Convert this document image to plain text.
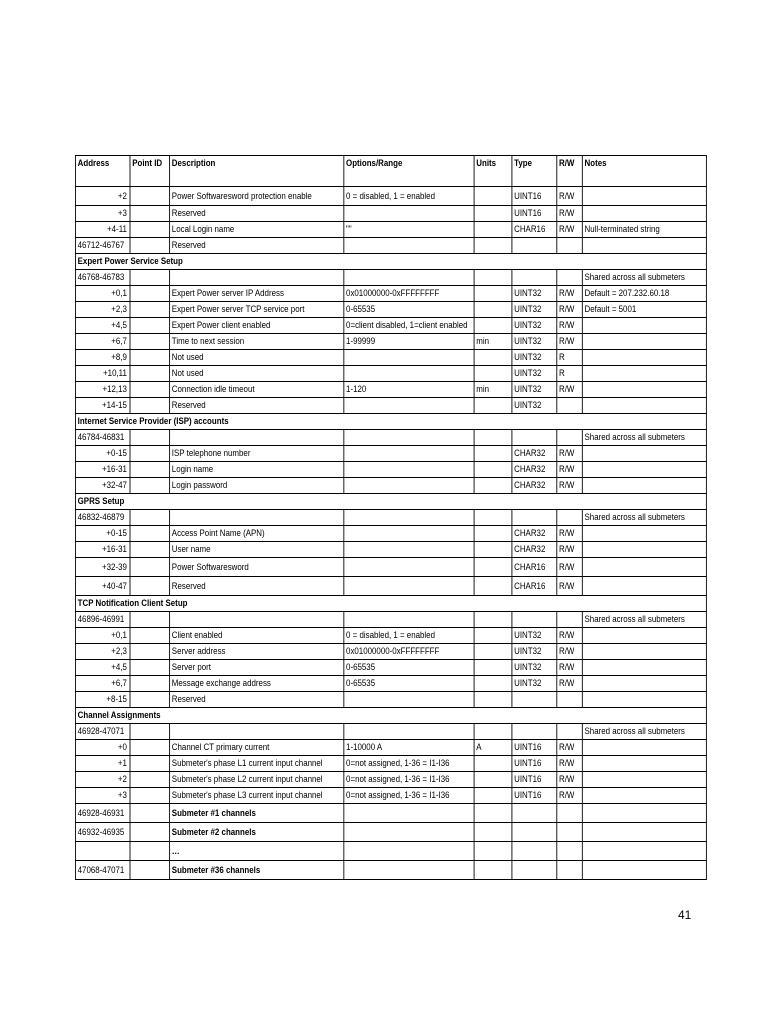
Address	Point ID	Description	Options/Range	Units	Type	R/W	Notes
+2		Power Softwaresword protection enable	0 = disabled, 1 = enabled		UINT16	R/W	
+3		Reserved			UINT16	R/W	
+4-11		Local Login name	""		CHAR16	R/W	Null-terminated string
46712-46767		Reserved					
Expert Power Service Setup							
46768-46783							Shared across all submeters
+0,1		Expert Power server IP Address	0x01000000-0xFFFFFFFF		UINT32	R/W	Default = 207.232.60.18
+2,3		Expert Power server TCP service port	0-65535		UINT32	R/W	Default = 5001
+4,5		Expert Power client enabled	0=client disabled, 1=client enabled		UINT32	R/W	
+6,7		Time to next session	1-99999	min	UINT32	R/W	
+8,9		Not used			UINT32	R	
+10,11		Not used			UINT32	R	
+12,13		Connection idle timeout	1-120	min	UINT32	R/W	
+14-15		Reserved			UINT32		
Internet Service Provider (ISP) accounts							
46784-46831							Shared across all submeters
+0-15		ISP telephone number			CHAR32	R/W	
+16-31		Login name			CHAR32	R/W	
+32-47		Login password			CHAR32	R/W	
GPRS Setup							
46832-46879							Shared across all submeters
+0-15		Access Point Name (APN)			CHAR32	R/W	
+16-31		User name			CHAR32	R/W	
+32-39		Power Softwaresword			CHAR16	R/W	
+40-47		Reserved			CHAR16	R/W	
TCP Notification Client Setup							
46896-46991							Shared across all submeters
+0,1		Client enabled	0 = disabled, 1 = enabled		UINT32	R/W	
+2,3		Server address	0x01000000-0xFFFFFFFF		UINT32	R/W	
+4,5		Server port	0-65535		UINT32	R/W	
+6,7		Message exchange address	0-65535		UINT32	R/W	
+8-15		Reserved					
Channel Assignments							
46928-47071							Shared across all submeters
+0		Channel CT primary current	1-10000 A	A	UINT16	R/W	
+1		Submeter's phase L1 current input channel	0=not assigned, 1-36 = I1-I36		UINT16	R/W	
+2		Submeter's phase L2 current input channel	0=not assigned, 1-36 = I1-I36		UINT16	R/W	
+3		Submeter's phase L3 current input channel	0=not assigned, 1-36 = I1-I36		UINT16	R/W	
46928-46931		Submeter #1 channels					
46932-46935		Submeter #2 channels					
		…					
47068-47071		Submeter #36 channels					
41
